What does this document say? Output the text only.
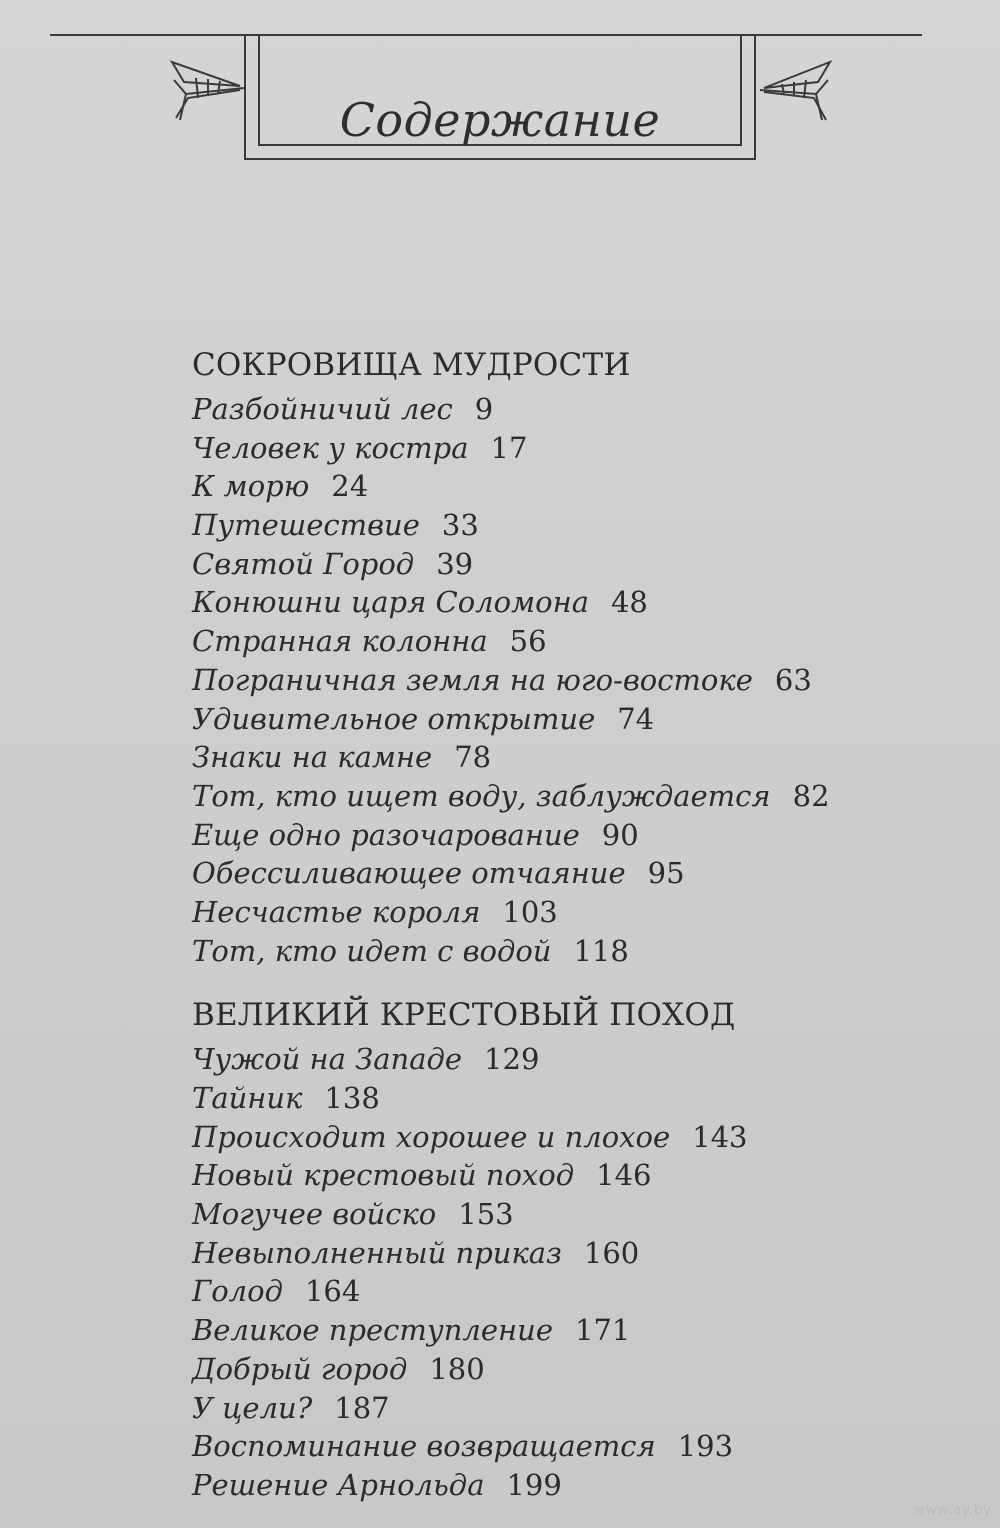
Содержание
СОКРОВИЩА МУДРОСТИ
Разбойничий лес 9
Человек у костра 17
К морю 24
Путешествие 33
Святой Город 39
Конюшни царя Соломона 48
Странная колонна 56
Пограничная земля на юго-востоке 63
Удивительное открытие 74
Знаки на камне 78
Тот, кто ищет воду, заблуждается 82
Еще одно разочарование 90
Обессиливающее отчаяние 95
Несчастье короля 103
Тот, кто идет с водой 118
ВЕЛИКИЙ КРЕСТОВЫЙ ПОХОД
Чужой на Западе 129
Тайник 138
Происходит хорошее и плохое 143
Новый крестовый поход 146
Могучее войско 153
Невыполненный приказ 160
Голод 164
Великое преступление 171
Добрый город 180
У цели? 187
Воспоминание возвращается 193
Решение Арнольда 199
www.ay.by
